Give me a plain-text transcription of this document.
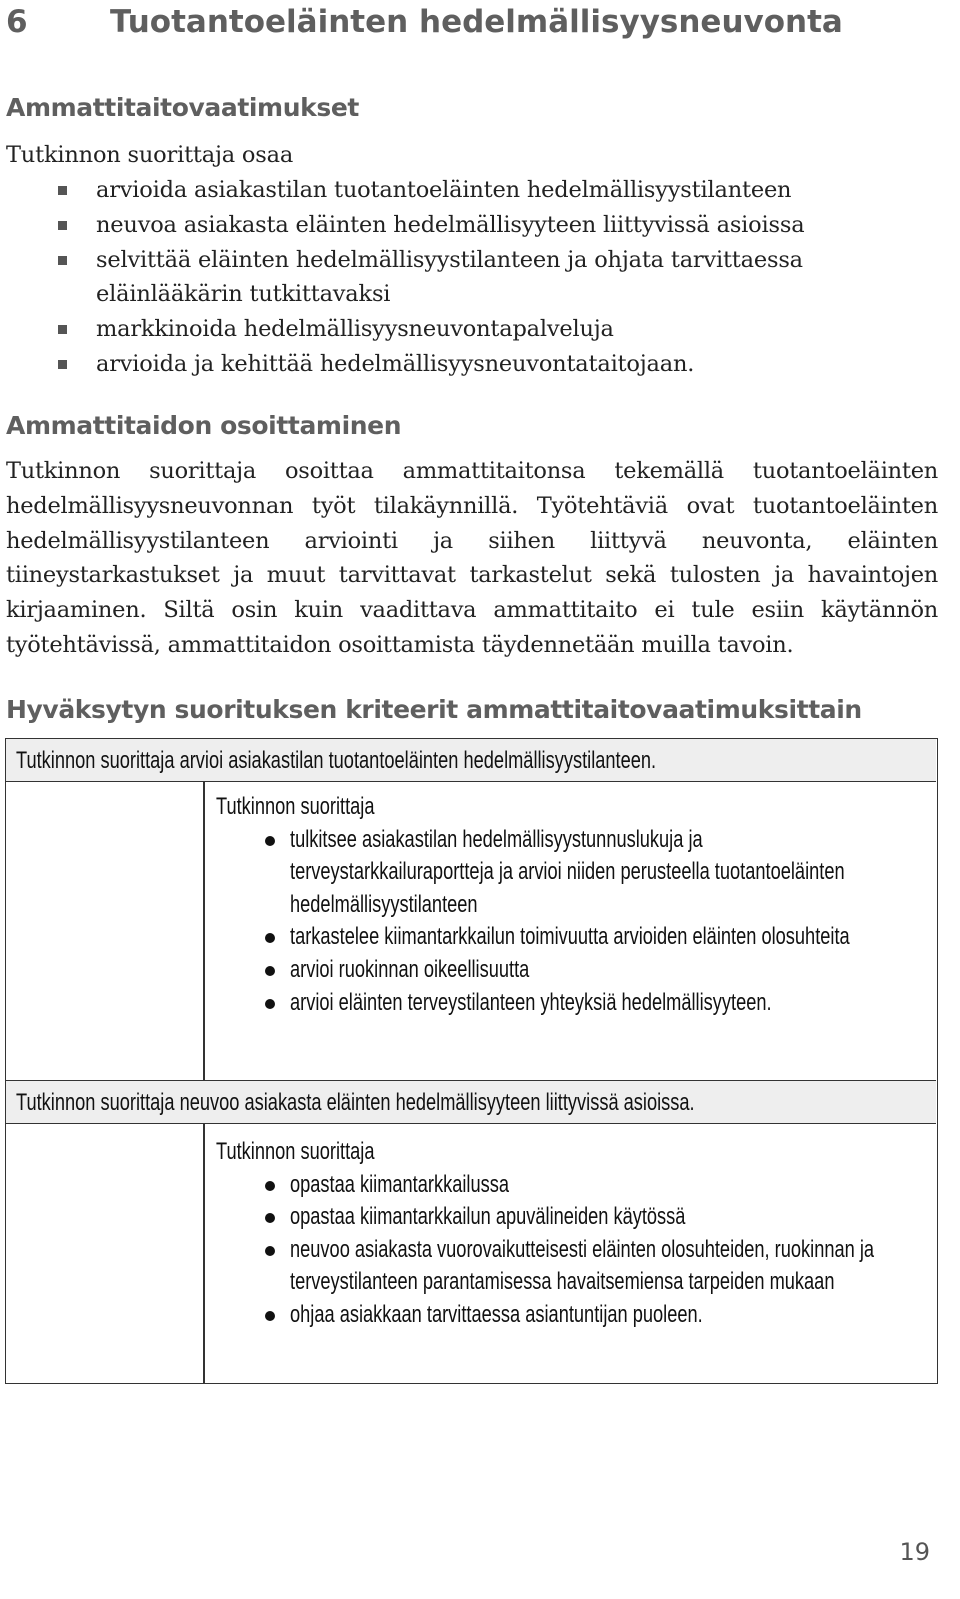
6	Tuotantoeläinten hedelmällisyysneuvonta
Ammattitaitovaatimukset
Tutkinnon suorittaja osaa
arvioida asiakastilan tuotantoeläinten hedelmällisyystilanteen
neuvoa asiakasta eläinten hedelmällisyyteen liittyvissä asioissa
selvittää eläinten hedelmällisyystilanteen ja ohjata tarvittaessa eläinlääkärin tutkittavaksi
markkinoida hedelmällisyysneuvontapalveluja
arvioida ja kehittää hedelmällisyysneuvontataitojaan.
Ammattitaidon osoittaminen

Tutkinnon suorittaja osoittaa ammattitaitonsa tekemällä tuotantoeläinten hedelmällisyysneuvonnan työt tilakäynnillä. Työtehtäviä ovat tuotantoeläinten hedelmällisyystilanteen arviointi ja siihen liittyvä neuvonta, eläinten tiineystarkastukset ja muut tarvittavat tarkastelut sekä tulosten ja havaintojen kirjaaminen. Siltä osin kuin vaadittava ammattitaito ei tule esiin käytännön työtehtävissä, ammattitaidon osoittamista täydennetään muilla tavoin.

Hyväksytyn suorituksen kriteerit ammattitaitovaatimuksittain
Tutkinnon suorittaja arvioi asiakastilan tuotantoeläinten hedelmällisyystilanteen.
Tutkinnon suorittaja
tulkitsee asiakastilan hedelmällisyystunnuslukuja ja terveystarkkailuraportteja ja arvioi niiden perusteella tuotantoeläinten hedelmällisyystilanteen
tarkastelee kiimantarkkailun toimivuutta arvioiden eläinten olosuhteita
arvioi ruokinnan oikeellisuutta
arvioi eläinten terveystilanteen yhteyksiä hedelmällisyyteen.
Tutkinnon suorittaja neuvoo asiakasta eläinten hedelmällisyyteen liittyvissä asioissa.
Tutkinnon suorittaja
opastaa kiimantarkkailussa
opastaa kiimantarkkailun apuvälineiden käytössä
neuvoo asiakasta vuorovaikutteisesti eläinten olosuhteiden, ruokinnan ja terveystilanteen parantamisessa havaitsemiensa tarpeiden mukaan
ohjaa asiakkaan tarvittaessa asiantuntijan puoleen.
19
